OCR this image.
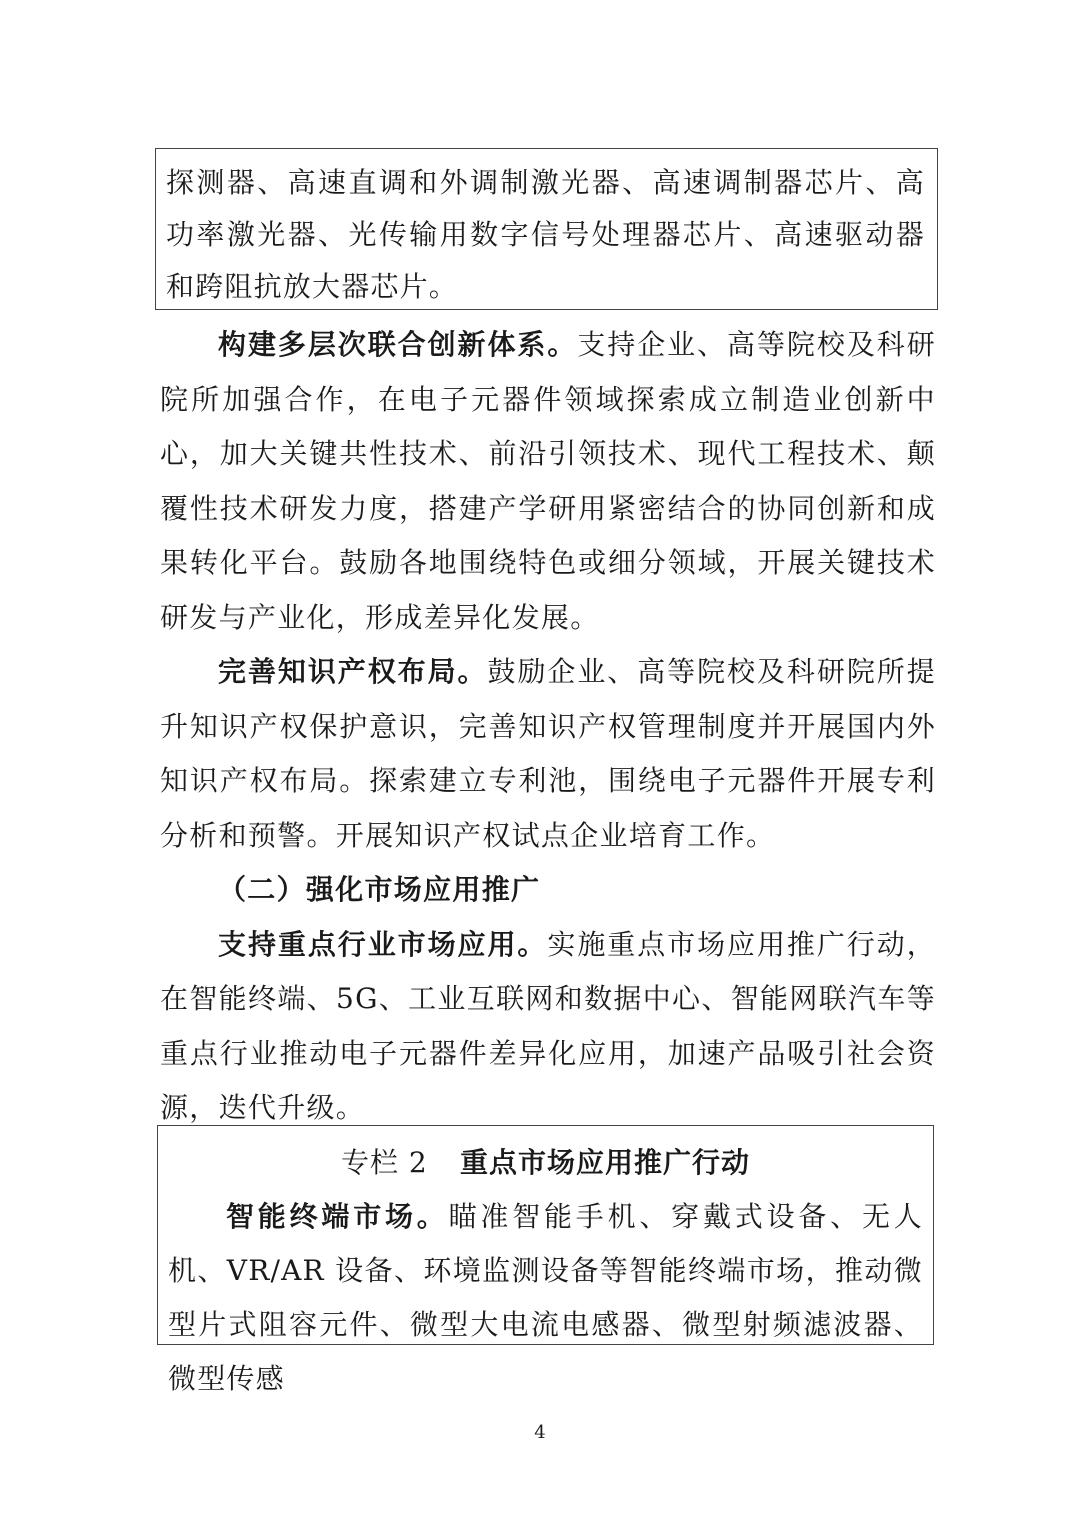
探测器、高速直调和外调制激光器、高速调制器芯片、高功率激光器、光传输用数字信号处理器芯片、高速驱动器和跨阻抗放大器芯片。

构建多层次联合创新体系。支持企业、高等院校及科研院所加强合作，在电子元器件领域探索成立制造业创新中心，加大关键共性技术、前沿引领技术、现代工程技术、颠覆性技术研发力度，搭建产学研用紧密结合的协同创新和成果转化平台。鼓励各地围绕特色或细分领域，开展关键技术研发与产业化，形成差异化发展。

完善知识产权布局。鼓励企业、高等院校及科研院所提升知识产权保护意识，完善知识产权管理制度并开展国内外知识产权布局。探索建立专利池，围绕电子元器件开展专利分析和预警。开展知识产权试点企业培育工作。

（二）强化市场应用推广

支持重点行业市场应用。实施重点市场应用推广行动，在智能终端、5G、工业互联网和数据中心、智能网联汽车等重点行业推动电子元器件差异化应用，加速产品吸引社会资源，迭代升级。

专栏 2 重点市场应用推广行动

智能终端市场。瞄准智能手机、穿戴式设备、无人机、VR/AR 设备、环境监测设备等智能终端市场，推动微型片式阻容元件、微型大电流电感器、微型射频滤波器、微型传感

4
